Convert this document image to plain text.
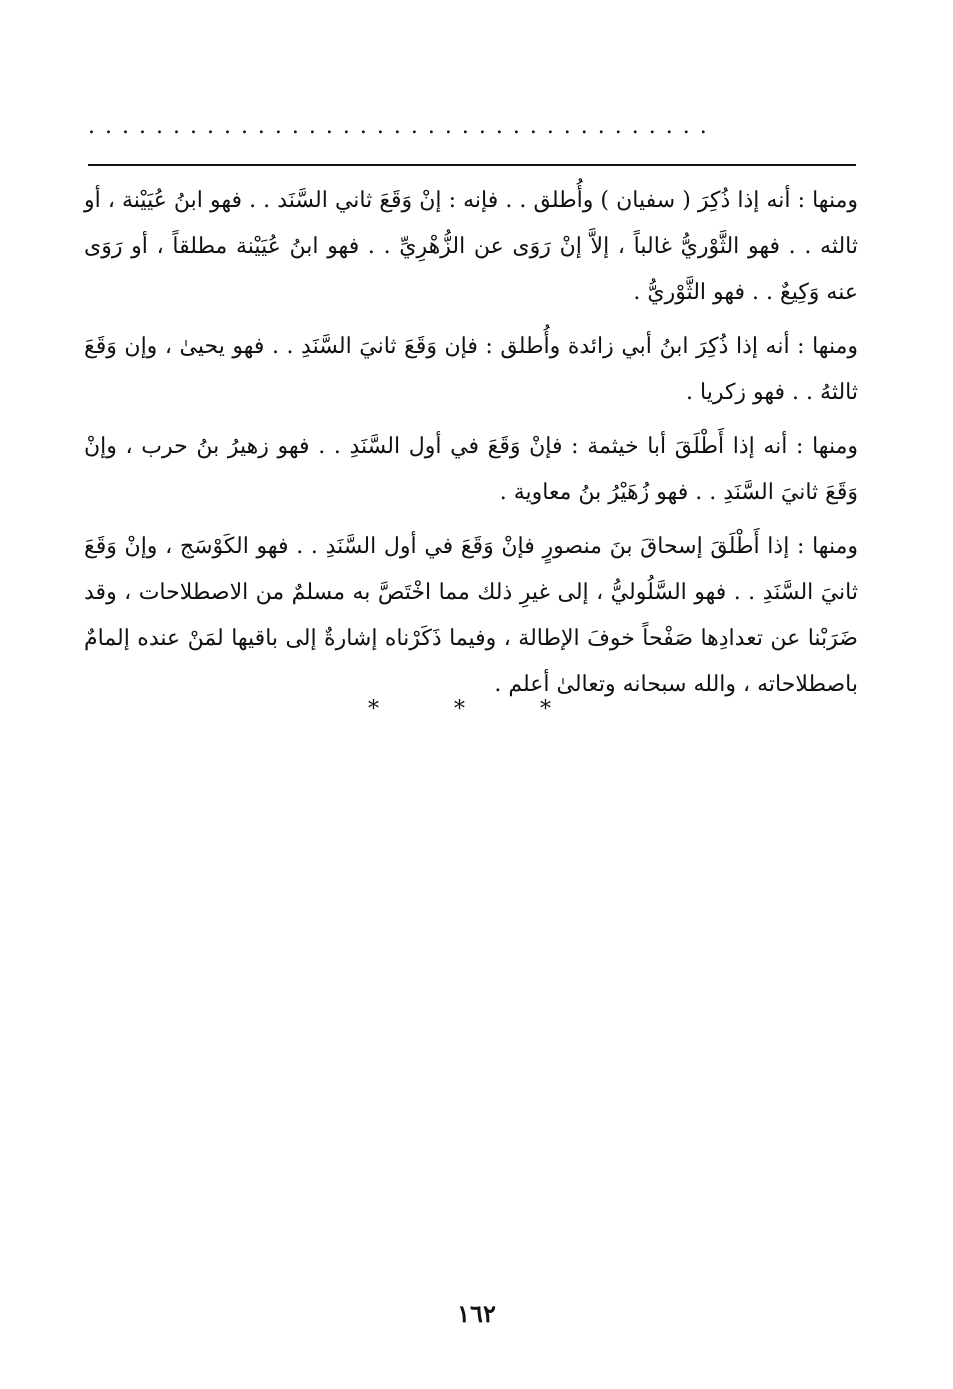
.....................................

ومنها : أنه إذا ذُكِرَ ( سفيان ) وأُطلق . . فإنه : إنْ وَقَعَ ثاني السَّنَد . . فهو ابنُ عُيَيْنة ، أو ثالثه . . فهو الثَّوْريُّ غالباً ، إلاَّ إنْ رَوَى عن الزُّهْرِيِّ . . فهو ابنُ عُيَيْنة مطلقاً ، أو رَوَى عنه وَكِيعٌ . . فهو الثَّوْريُّ .

ومنها : أنه إذا ذُكِرَ ابنُ أبي زائدة وأُطلق : فإن وَقَعَ ثانيَ السَّنَدِ . . فهو يحيىٰ ، وإن وَقَعَ ثالثهُ . . فهو زكريا .

ومنها : أنه إذا أَطْلَقَ أبا خيثمة : فإنْ وَقَعَ في أول السَّنَدِ . . فهو زهيرُ بنُ حرب ، وإنْ وَقَعَ ثانيَ السَّنَدِ . . فهو زُهَيْرُ بنُ معاوية .

ومنها : إذا أَطْلَقَ إسحاقَ بنَ منصورٍ فإنْ وَقَعَ في أول السَّنَدِ . . فهو الكَوْسَج ، وإنْ وَقَعَ ثانيَ السَّنَدِ . . فهو السَّلُوليُّ ، إلى غيرِ ذلك مما اخْتَصَّ به مسلمٌ من الاصطلاحات ، وقد ضَرَبْنا عن تعدادِها صَفْحاً خوفَ الإطالة ، وفيما ذَكَرْناه إشارةٌ إلى باقيها لمَنْ عنده إلمامٌ باصطلاحاته ، والله سبحانه وتعالىٰ أعلم .

* * *
١٦٢
